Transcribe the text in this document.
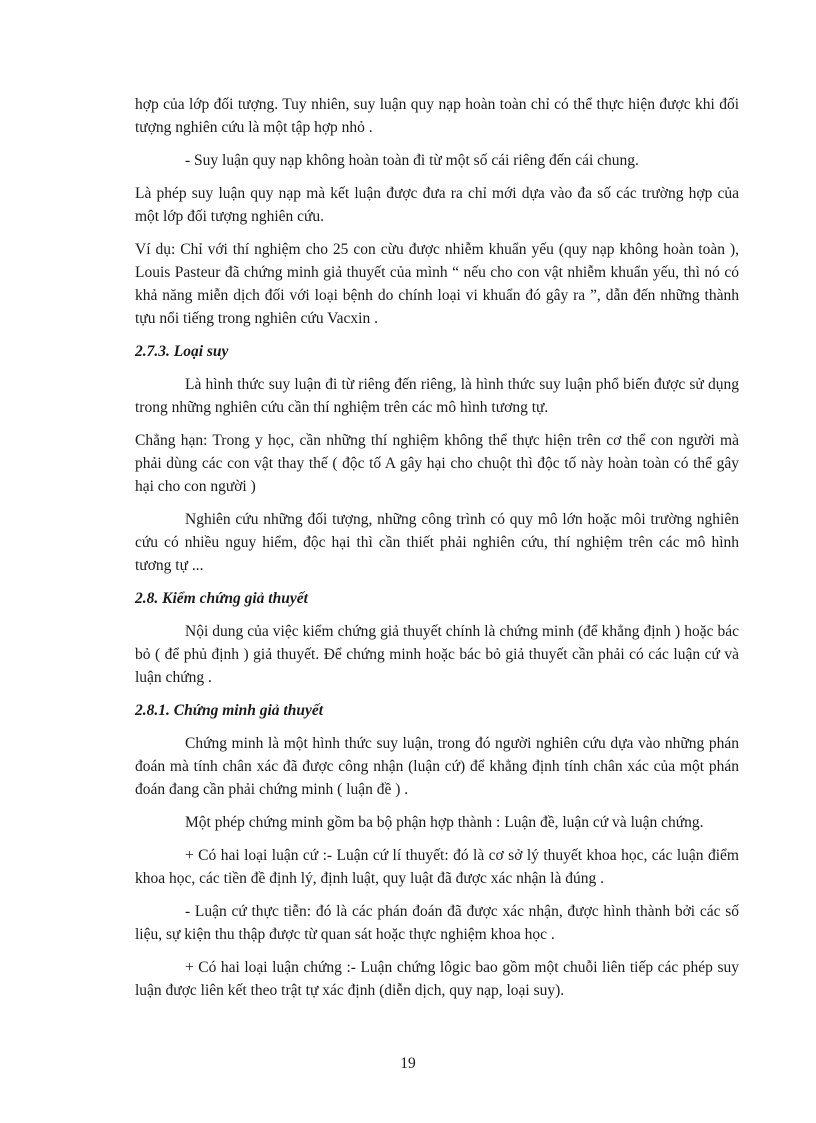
hợp của lớp đối tượng. Tuy nhiên, suy luận quy nạp hoàn toàn chỉ có thể thực hiện được khi đối tượng nghiên cứu là một tập hợp nhỏ .

- Suy luận quy nạp không hoàn toàn đi từ một số cái riêng đến cái chung.

Là phép suy luận quy nạp mà kết luận được đưa ra chỉ mới dựa vào đa số các trường hợp của một lớp đối tượng nghiên cứu.

Ví dụ: Chỉ với thí nghiệm cho 25 con cừu được nhiễm khuẩn yếu (quy nạp không hoàn toàn ), Louis Pasteur đã chứng minh giả thuyết của mình “ nếu cho con vật nhiễm khuẩn yếu, thì nó có khả năng miễn dịch đối với loại bệnh do chính loại vi khuẩn đó gây ra ”, dẫn đến những thành tựu nổi tiếng trong nghiên cứu Vacxin .

2.7.3. Loại suy

Là hình thức suy luận đi từ riêng đến riêng, là hình thức suy luận phổ biến được sử dụng trong những nghiên cứu cần thí nghiệm trên các mô hình tương tự.

Chẳng hạn: Trong y học, cần những thí nghiệm không thể thực hiện trên cơ thể con người mà phải dùng các con vật thay thế ( độc tố A gây hại cho chuột thì độc tố này hoàn toàn có thể gây hại cho con người )

Nghiên cứu những đối tượng, những công trình có quy mô lớn hoặc môi trường nghiên cứu có nhiều nguy hiểm, độc hại thì cần thiết phải nghiên cứu, thí nghiệm trên các mô hình tương tự ...

2.8. Kiểm chứng giả thuyết

Nội dung của việc kiểm chứng giả thuyết chính là chứng minh (để khẳng định ) hoặc bác bỏ ( để phủ định ) giả thuyết. Để chứng minh hoặc bác bỏ giả thuyết cần phải có các luận cứ và luận chứng .

2.8.1. Chứng minh giả thuyết

Chứng minh là một hình thức suy luận, trong đó người nghiên cứu dựa vào những phán đoán mà tính chân xác đã được công nhận (luận cứ) để khẳng định tính chân xác của một phán đoán đang cần phải chứng minh ( luận đề ) .

Một phép chứng minh gồm ba bộ phận hợp thành : Luận đề, luận cứ và luận chứng.

+ Có hai loại luận cứ :- Luận cứ lí thuyết: đó là cơ sở lý thuyết khoa học, các luận điểm khoa học, các tiền đề định lý, định luật, quy luật đã được xác nhận là đúng .

- Luận cứ thực tiễn: đó là các phán đoán đã được xác nhận, được hình thành bởi các số liệu, sự kiện thu thập được từ quan sát hoặc thực nghiệm khoa học .

+ Có hai loại luận chứng :- Luận chứng lôgic bao gồm một chuỗi liên tiếp các phép suy luận được liên kết theo trật tự xác định (diễn dịch, quy nạp, loại suy).

19
